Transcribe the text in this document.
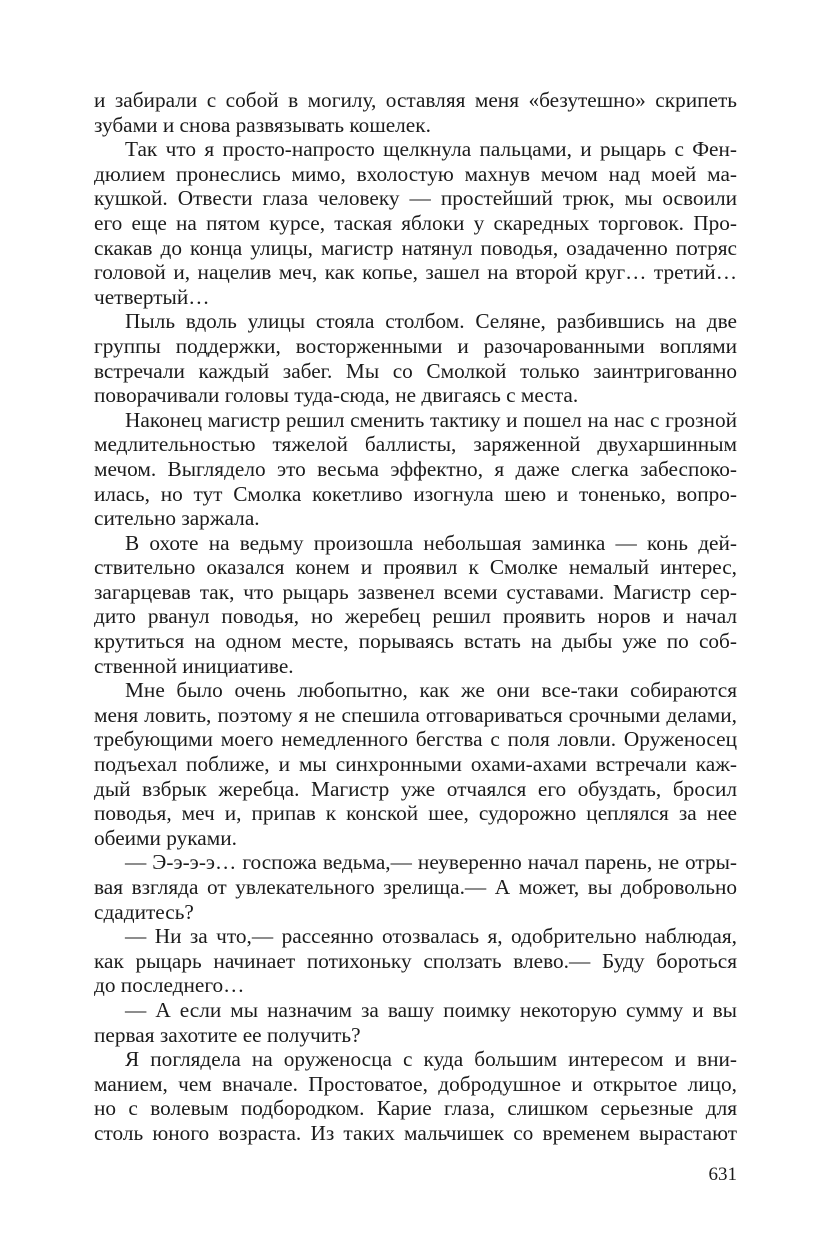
и забирали с собой в могилу, оставляя меня «безутешно» скрипеть
зубами и снова развязывать кошелек.
Так что я просто-напросто щелкнула пальцами, и рыцарь с Фен-
дюлием пронеслись мимо, вхолостую махнув мечом над моей ма-
кушкой. Отвести глаза человеку — простейший трюк, мы освоили
его еще на пятом курсе, таская яблоки у скаредных торговок. Про-
скакав до конца улицы, магистр натянул поводья, озадаченно потряс
головой и, нацелив меч, как копье, зашел на второй круг… третий…
четвертый…
Пыль вдоль улицы стояла столбом. Селяне, разбившись на две
группы поддержки, восторженными и разочарованными воплями
встречали каждый забег. Мы со Смолкой только заинтригованно
поворачивали головы туда-сюда, не двигаясь с места.
Наконец магистр решил сменить тактику и пошел на нас с грозной
медлительностью тяжелой баллисты, заряженной двухаршинным
мечом. Выглядело это весьма эффектно, я даже слегка забеспоко-
илась, но тут Смолка кокетливо изогнула шею и тоненько, вопро-
сительно заржала.
В охоте на ведьму произошла небольшая заминка — конь дей-
ствительно оказался конем и проявил к Смолке немалый интерес,
загарцевав так, что рыцарь зазвенел всеми суставами. Магистр сер-
дито рванул поводья, но жеребец решил проявить норов и начал
крутиться на одном месте, порываясь встать на дыбы уже по соб-
ственной инициативе.
Мне было очень любопытно, как же они все-таки собираются
меня ловить, поэтому я не спешила отговариваться срочными делами,
требующими моего немедленного бегства с поля ловли. Оруженосец
подъехал поближе, и мы синхронными охами-ахами встречали каж-
дый взбрык жеребца. Магистр уже отчаялся его обуздать, бросил
поводья, меч и, припав к конской шее, судорожно цеплялся за нее
обеими руками.
— Э-э-э-э… госпожа ведьма,— неуверенно начал парень, не отры-
вая взгляда от увлекательного зрелища.— А может, вы добровольно
сдадитесь?
— Ни за что,— рассеянно отозвалась я, одобрительно наблюдая,
как рыцарь начинает потихоньку сползать влево.— Буду бороться
до последнего…
— А если мы назначим за вашу поимку некоторую сумму и вы
первая захотите ее получить?
Я поглядела на оруженосца с куда большим интересом и вни-
манием, чем вначале. Простоватое, добродушное и открытое лицо,
но с волевым подбородком. Карие глаза, слишком серьезные для
столь юного возраста. Из таких мальчишек со временем вырастают
631
